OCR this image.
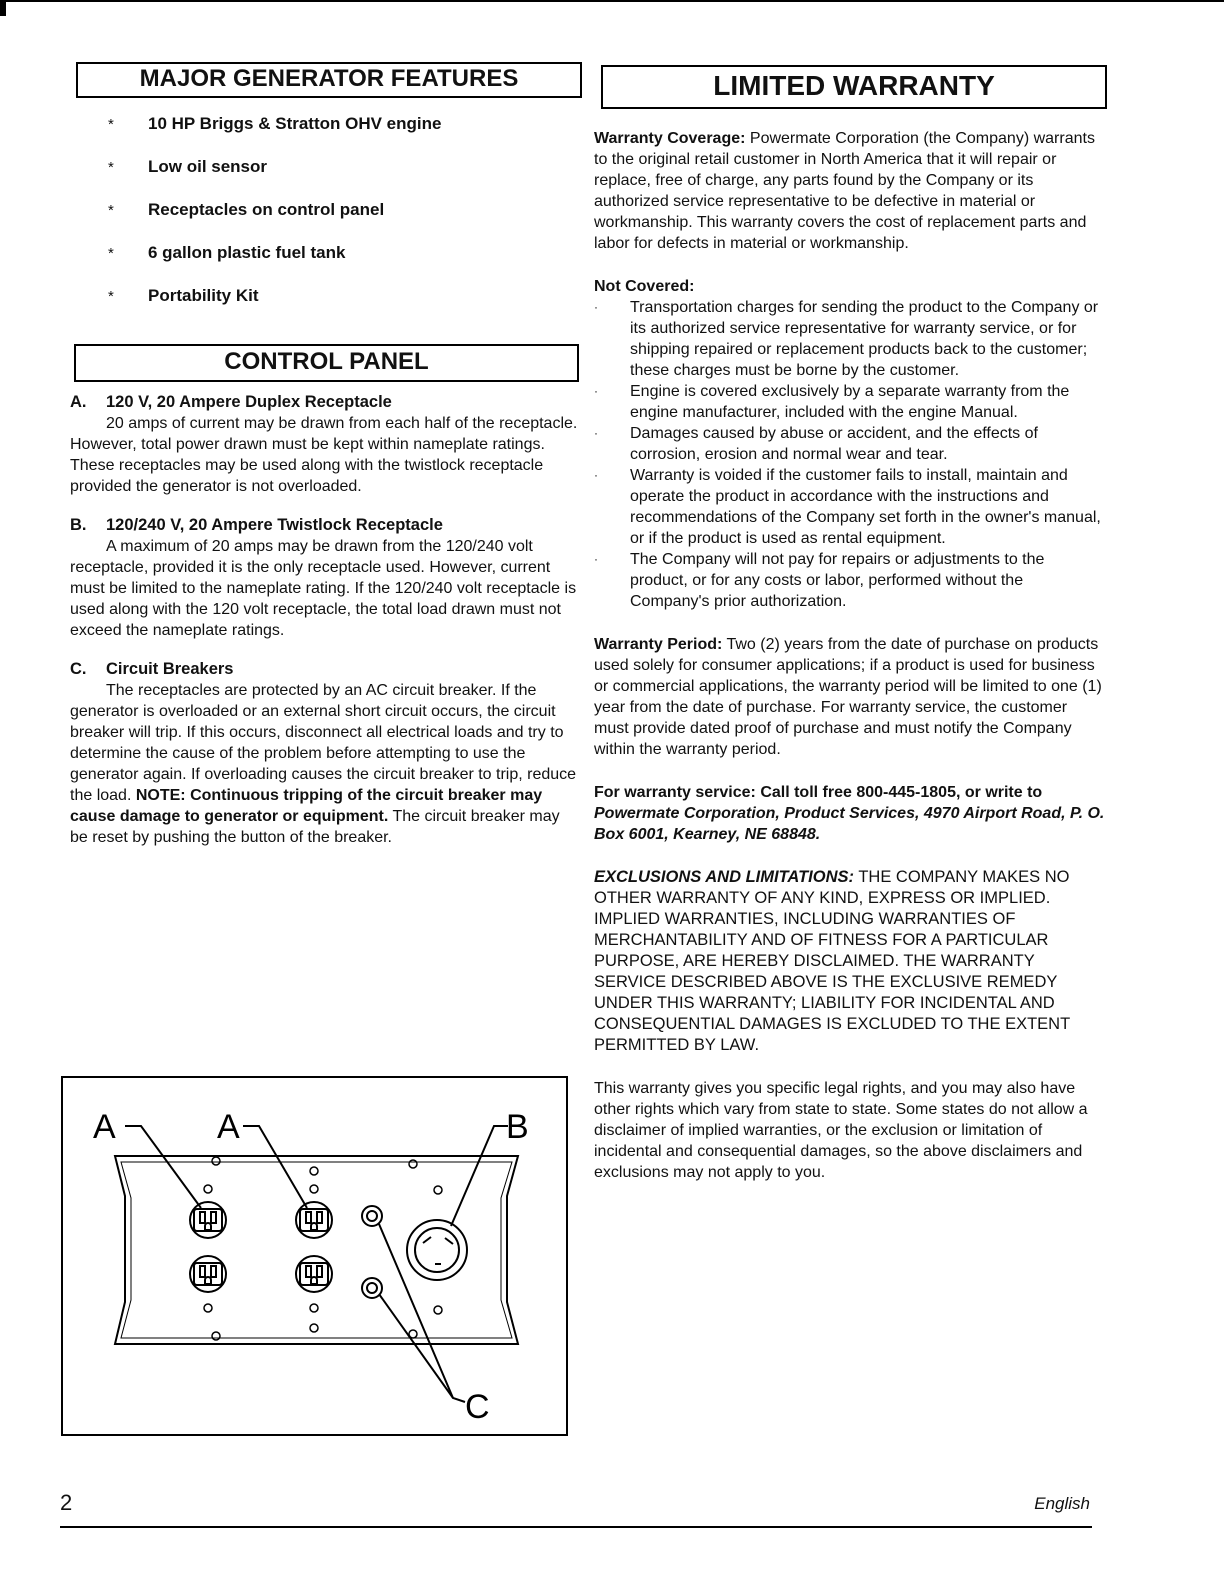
MAJOR GENERATOR FEATURES
*	10 HP Briggs & Stratton OHV engine
*	Low oil sensor
*	Receptacles on control panel
*	6 gallon plastic fuel tank
*	Portability Kit
CONTROL PANEL
A.	120 V, 20 Ampere Duplex Receptacle

20 amps of current may be drawn from each half of the receptacle. However, total power drawn must be kept within nameplate ratings. These receptacles may be used along with the twistlock receptacle provided the generator is not overloaded.

B.	120/240 V, 20 Ampere Twistlock Receptacle

A maximum of 20 amps may be drawn from the 120/240 volt receptacle, provided it is the only receptacle used. However, current must be limited to the nameplate rating. If the 120/240 volt receptacle is used along with the 120 volt receptacle, the total load drawn must not exceed the nameplate ratings.

C.	Circuit Breakers

The receptacles are protected by an AC circuit breaker. If the generator is overloaded or an external short circuit occurs, the circuit breaker will trip. If this occurs, disconnect all electrical loads and try to determine the cause of the problem before attempting to use the generator again. If overloading causes the circuit breaker to trip, reduce the load. NOTE: Continuous tripping of the circuit breaker may cause damage to generator or equipment. The circuit breaker may be reset by pushing the button of the breaker.

A	A	B
C
LIMITED WARRANTY

Warranty Coverage: Powermate Corporation (the Company) warrants to the original retail customer in North America that it will repair or replace, free of charge, any parts found by the Company or its authorized service representative to be defective in material or workmanship. This warranty covers the cost of replacement parts and labor for defects in material or workmanship.

Not Covered:
·	Transportation charges for sending the product to the Company or its authorized service representative for warranty service, or for shipping repaired or replacement products back to the customer; these charges must be borne by the customer.
·	Engine is covered exclusively by a separate warranty from the engine manufacturer, included with the engine Manual.
·	Damages caused by abuse or accident, and the effects of corrosion, erosion and normal wear and tear.
·	Warranty is voided if the customer fails to install, maintain and operate the product in accordance with the instructions and recommendations of the Company set forth in the owner's manual, or if the product is used as rental equipment.
·	The Company will not pay for repairs or adjustments to the product, or for any costs or labor, performed without the Company's prior authorization.

Warranty Period: Two (2) years from the date of purchase on products used solely for consumer applications; if a product is used for business or commercial applications, the warranty period will be limited to one (1) year from the date of purchase. For warranty service, the customer must provide dated proof of purchase and must notify the Company within the warranty period.

For warranty service: Call toll free 800-445-1805, or write to Powermate Corporation, Product Services, 4970 Airport Road, P. O. Box 6001, Kearney, NE 68848.

EXCLUSIONS AND LIMITATIONS: THE COMPANY MAKES NO OTHER WARRANTY OF ANY KIND, EXPRESS OR IMPLIED. IMPLIED WARRANTIES, INCLUDING WARRANTIES OF MERCHANTABILITY AND OF FITNESS FOR A PARTICULAR PURPOSE, ARE HEREBY DISCLAIMED. THE WARRANTY SERVICE DESCRIBED ABOVE IS THE EXCLUSIVE REMEDY UNDER THIS WARRANTY; LIABILITY FOR INCIDENTAL AND CONSEQUENTIAL DAMAGES IS EXCLUDED TO THE EXTENT PERMITTED BY LAW.

This warranty gives you specific legal rights, and you may also have other rights which vary from state to state. Some states do not allow a disclaimer of implied warranties, or the exclusion or limitation of incidental and consequential damages, so the above disclaimers and exclusions may not apply to you.

2	English
